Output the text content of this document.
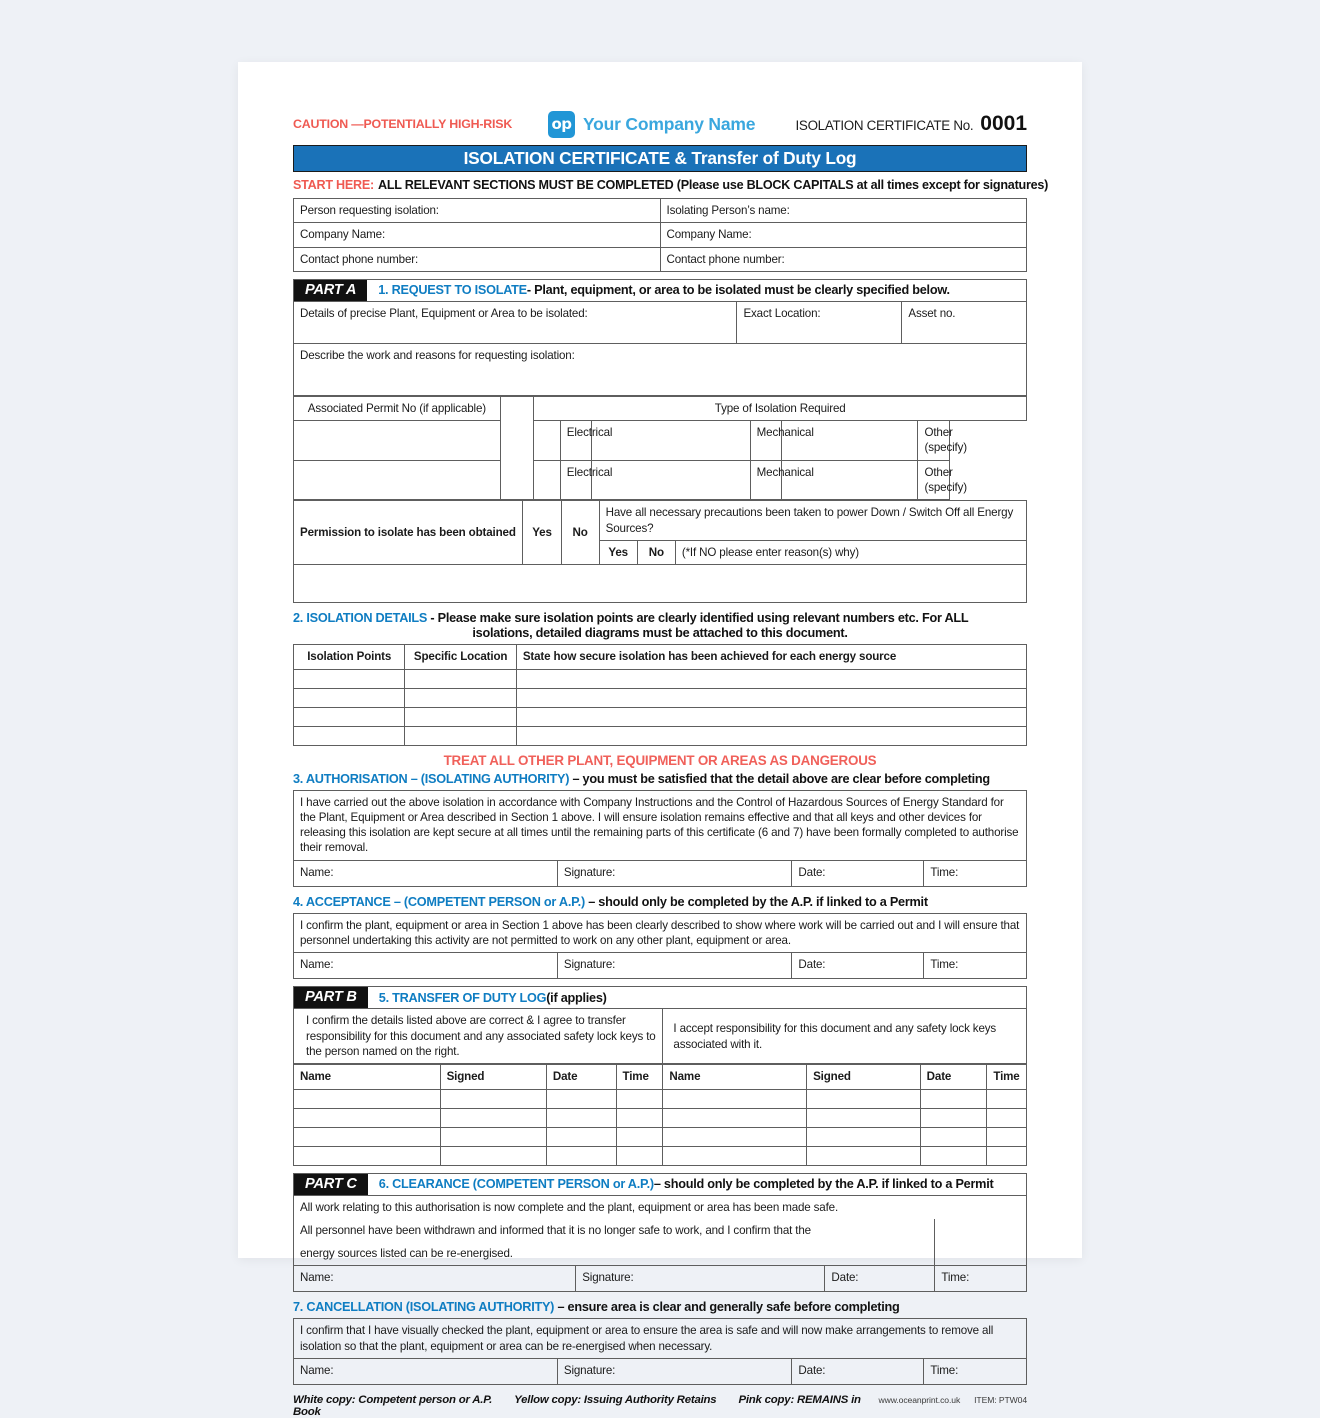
CAUTION —POTENTIALLY HIGH-RISK	op Your Company Name	ISOLATION CERTIFICATE No. 0001
ISOLATION CERTIFICATE & Transfer of Duty Log
START HERE: ALL RELEVANT SECTIONS MUST BE COMPLETED (Please use BLOCK CAPITALS at all times except for signatures)
Person requesting isolation:	Isolating Person’s name:
Company Name:	Company Name:
Contact phone number:	Contact phone number:
PART A	1. REQUEST TO ISOLATE - Plant, equipment, or area to be isolated must be clearly specified below.
Details of precise Plant, Equipment or Area to be isolated:	Exact Location:	Asset no.
Describe the work and reasons for requesting isolation:
Associated Permit No (if applicable)		Type of Isolation Required					
			Electrical		Mechanical		Other (specify)
			Electrical		Mechanical		Other (specify)
Permission to isolate has been obtained	Yes	No	Have all necessary precautions been taken to power Down / Switch Off all Energy Sources?		
			Yes	No	(*If NO please enter reason(s) why)

2. ISOLATION DETAILS - Please make sure isolation points are clearly identified using relevant numbers etc. For ALL
isolations, detailed diagrams must be attached to this document.
Isolation Points	Specific Location	State how secure isolation has been achieved for each energy source

TREAT ALL OTHER PLANT, EQUIPMENT OR AREAS AS DANGEROUS
3. AUTHORISATION – (ISOLATING AUTHORITY) – you must be satisfied that the detail above are clear before completing
I have carried out the above isolation in accordance with Company Instructions and the Control of Hazardous Sources of Energy Standard for the Plant, Equipment or Area described in Section 1 above. I will ensure isolation remains effective and that all keys and other devices for releasing this isolation are kept secure at all times until the remaining parts of this certificate (6 and 7) have been formally completed to authorise their removal.
Name:	Signature:	Date:	Time:
4. ACCEPTANCE – (COMPETENT PERSON or A.P.) – should only be completed by the A.P. if linked to a Permit
I confirm the plant, equipment or area in Section 1 above has been clearly described to show where work will be carried out and I will ensure that personnel undertaking this activity are not permitted to work on any other plant, equipment or area.
Name:	Signature:	Date:	Time:
PART B	5. TRANSFER OF DUTY LOG (if applies)
I confirm the details listed above are correct & I agree to transfer responsibility for this document and any associated safety lock keys to the person named on the right.	I accept responsibility for this document and any safety lock keys associated with it.
Name	Signed	Date	Time	Name	Signed	Date	Time

PART C	6. CLEARANCE (COMPETENT PERSON or A.P.) – should only be completed by the A.P. if linked to a Permit
All work relating to this authorisation is now complete and the plant, equipment or area has been made safe.			
All personnel have been withdrawn and informed that it is no longer safe to work, and I confirm that the			
energy sources listed can be re-energised.			
Name:	Signature:	Date:	Time:
7. CANCELLATION (ISOLATING AUTHORITY) – ensure area is clear and generally safe before completing
I confirm that I have visually checked the plant, equipment or area to ensure the area is safe and will now make arrangements to remove all isolation so that the plant, equipment or area can be re-energised when necessary.
Name:	Signature:	Date:	Time:
White copy: Competent person or A.P. Yellow copy: Issuing Authority Retains Pink copy: REMAINS in Book
www.oceanprint.co.uk ITEM: PTW04
